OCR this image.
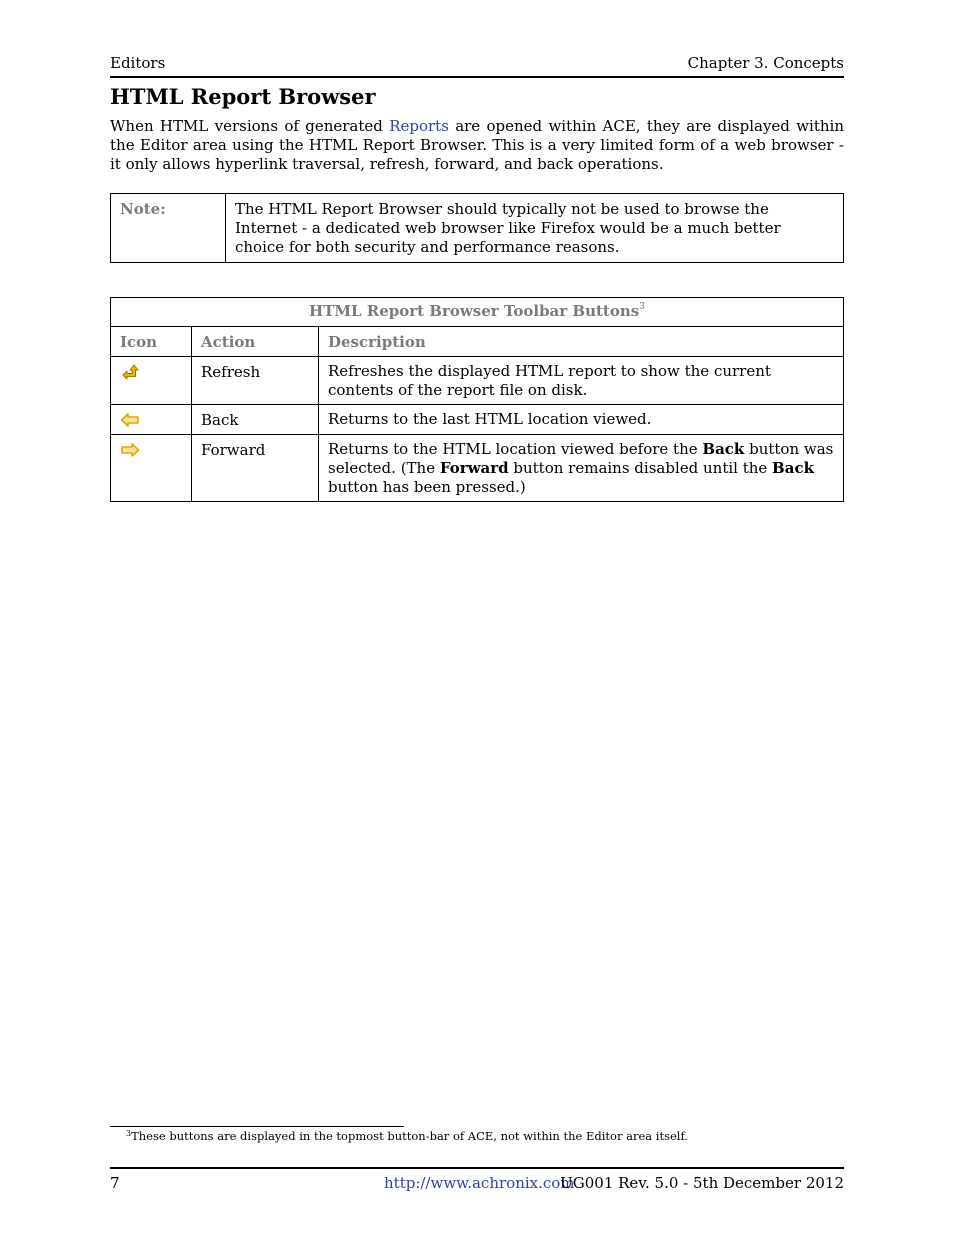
Editors	Chapter 3. Concepts
HTML Report Browser

When HTML versions of generated Reports are opened within ACE, they are displayed within the Editor area using the HTML Report Browser. This is a very limited form of a web browser - it only allows hyperlink traversal, refresh, forward, and back operations.

Note:	The HTML Report Browser should typically not be used to browse the Internet - a dedicated web browser like Firefox would be a much better choice for both security and performance reasons.
HTML Report Browser Toolbar Buttons$^3$
Icon	Action	Description

	Refresh	Refreshes the displayed HTML report to show the current contents of the report file on disk.

	Back	Returns to the last HTML location viewed.

	Forward	Returns to the HTML location viewed before the Back button was selected. (The Forward button remains disabled until the Back button has been pressed.)
$^3$These buttons are displayed in the topmost button-bar of ACE, not within the Editor area itself.
7	http://www.achronix.com
UG001 Rev. 5.0 - 5th December 2012
